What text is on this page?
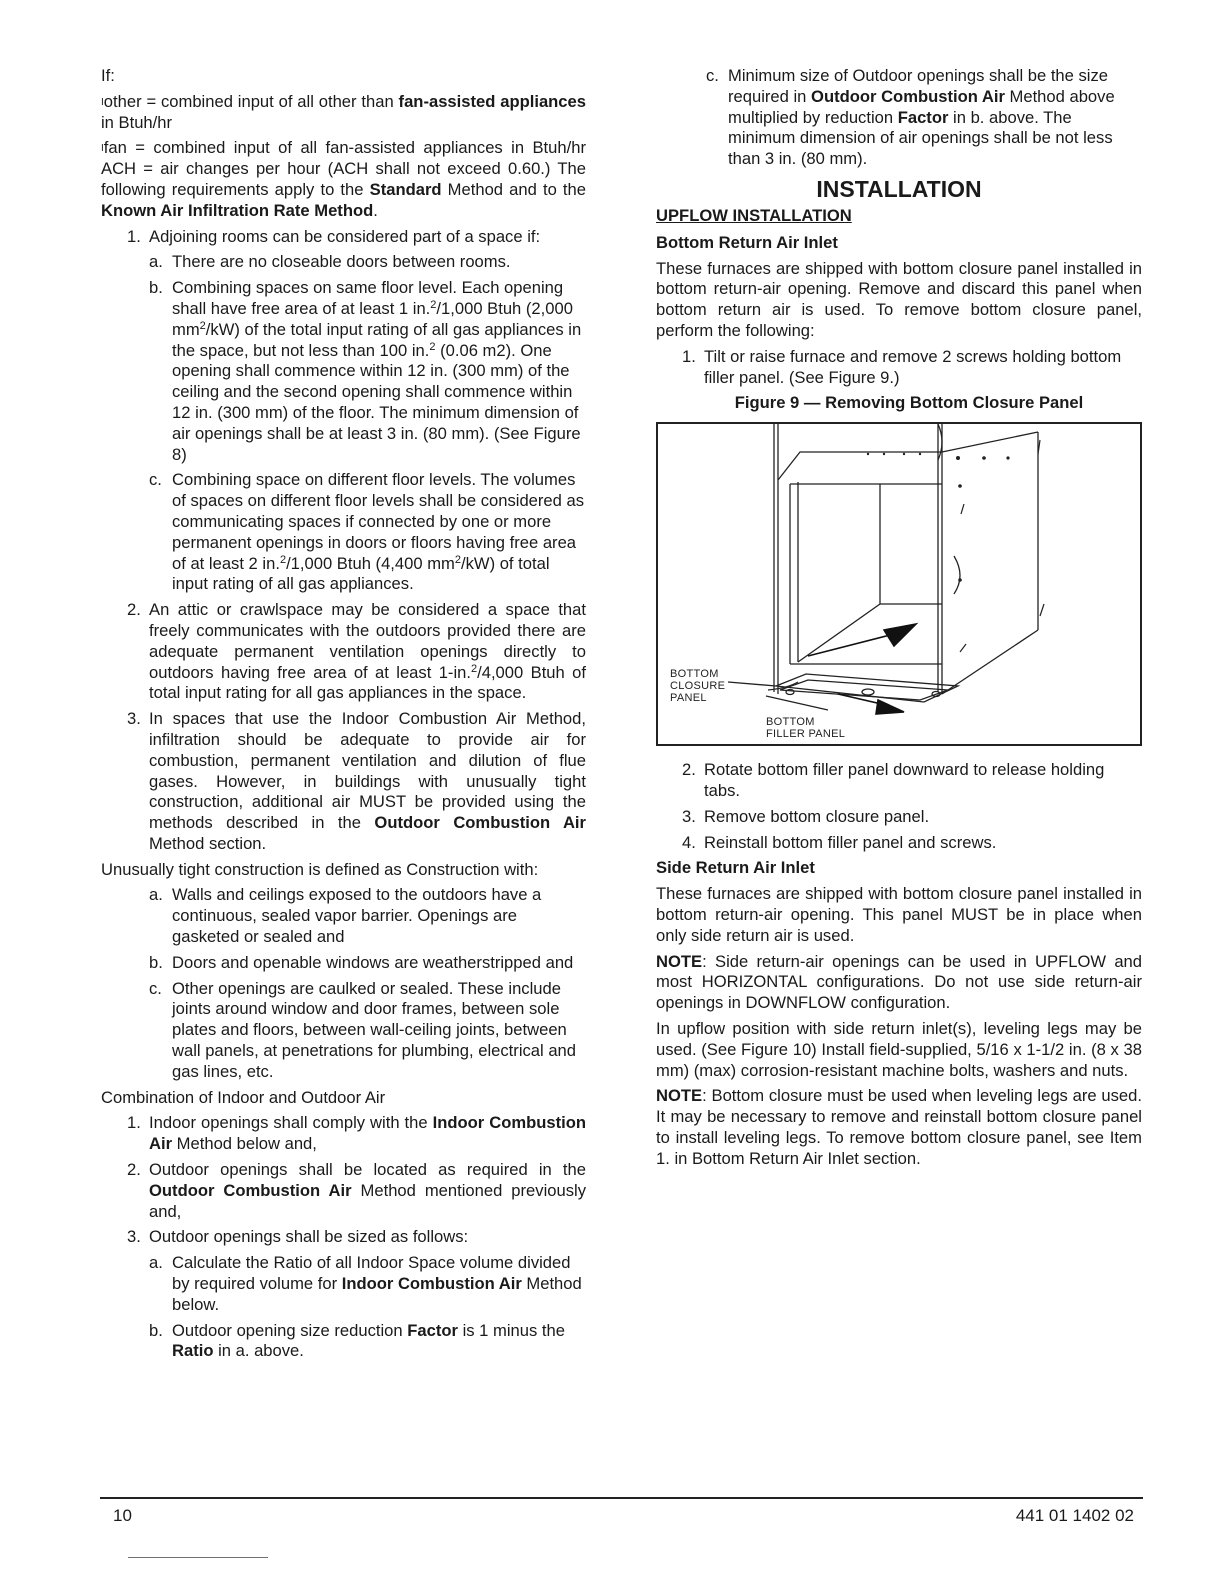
If:

$^I$other = combined input of all other than fan-assisted appliances in Btuh/hr

$^I$fan = combined input of all fan-assisted appliances in Btuh/hr ACH = air changes per hour (ACH shall not exceed 0.60.) The following requirements apply to the Standard Method and to the Known Air Infiltration Rate Method.

1. Adjoining rooms can be considered part of a space if:
a. There are no closeable doors between rooms.
b. Combining spaces on same floor level. Each opening shall have free area of at least 1 in.$^2$/1,000 Btuh (2,000 $mm^2/kW$) of the total input rating of all gas appliances in the space, but not less than 100 in.$^2$ (0.06 m2). One opening shall commence within 12 in. (300 mm) of the ceiling and the second opening shall commence within 12 in. (300 mm) of the floor. The minimum dimension of air openings shall be at least 3 in. (80 mm). (See Figure 8)
c. Combining space on different floor levels. The volumes of spaces on different floor levels shall be considered as communicating spaces if connected by one or more permanent openings in doors or floors having free area of at least 2 in.$^2$/1,000 Btuh (4,400 $mm^2/kW$) of total input rating of all gas appliances.
2. An attic or crawlspace may be considered a space that freely communicates with the outdoors provided there are adequate permanent ventilation openings directly to outdoors having free area of at least 1-in.$^2$/4,000 Btuh of total input rating for all gas appliances in the space.
3. In spaces that use the Indoor Combustion Air Method, infiltration should be adequate to provide air for combustion, permanent ventilation and dilution of flue gases. However, in buildings with unusually tight construction, additional air MUST be provided using the methods described in the Outdoor Combustion Air Method section.

Unusually tight construction is defined as Construction with:

a. Walls and ceilings exposed to the outdoors have a continuous, sealed vapor barrier. Openings are gasketed or sealed and
b. Doors and openable windows are weatherstripped and
c. Other openings are caulked or sealed. These include joints around window and door frames, between sole plates and floors, between wall-ceiling joints, between wall panels, at penetrations for plumbing, electrical and gas lines, etc.

Combination of Indoor and Outdoor Air

1. Indoor openings shall comply with the Indoor Combustion Air Method below and,
2. Outdoor openings shall be located as required in the Outdoor Combustion Air Method mentioned previously and,
3. Outdoor openings shall be sized as follows:
a. Calculate the Ratio of all Indoor Space volume divided by required volume for Indoor Combustion Air Method below.
b. Outdoor opening size reduction Factor is 1 minus the Ratio in a. above.
c. Minimum size of Outdoor openings shall be the size required in Outdoor Combustion Air Method above multiplied by reduction Factor in b. above. The minimum dimension of air openings shall be not less than 3 in. (80 mm).
INSTALLATION
UPFLOW INSTALLATION
Bottom Return Air Inlet

These furnaces are shipped with bottom closure panel installed in bottom return-air opening. Remove and discard this panel when bottom return air is used. To remove bottom closure panel, perform the following:

1. Tilt or raise furnace and remove 2 screws holding bottom filler panel. (See Figure 9.)
Figure 9 — Removing Bottom Closure Panel
BOTTOM
CLOSURE
PANEL
BOTTOM
FILLER PANEL
2. Rotate bottom filler panel downward to release holding tabs.
3. Remove bottom closure panel.
4. Reinstall bottom filler panel and screws.
Side Return Air Inlet

These furnaces are shipped with bottom closure panel installed in bottom return-air opening. This panel MUST be in place when only side return air is used.

NOTE: Side return-air openings can be used in UPFLOW and most HORIZONTAL configurations. Do not use side return-air openings in DOWNFLOW configuration.

In upflow position with side return inlet(s), leveling legs may be used. (See Figure 10) Install field-supplied, 5/16 x 1-1/2 in. (8 x 38 mm) (max) corrosion-resistant machine bolts, washers and nuts.

NOTE: Bottom closure must be used when leveling legs are used. It may be necessary to remove and reinstall bottom closure panel to install leveling legs. To remove bottom closure panel, see Item 1. in Bottom Return Air Inlet section.

10	441 01 1402 02
